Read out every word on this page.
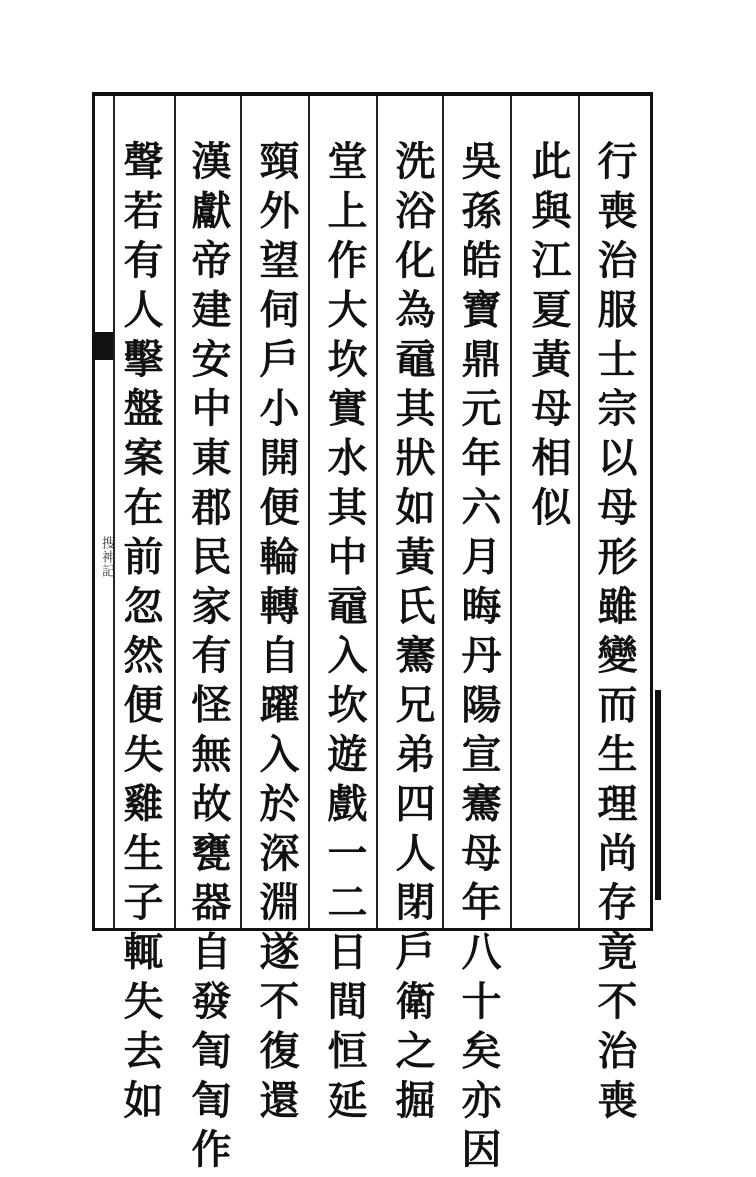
搜神記	行喪治服士宗以母形雖變而生理尚存竟不治喪
此與江夏黃母相似
吳孫皓寶鼎元年六月晦丹陽宣騫母年八十矣亦因
洗浴化為黿其狀如黃氏騫兄弟四人閉戶衛之掘
堂上作大坎實水其中黿入坎遊戲一二日間恒延
頸外望伺戶小開便輪轉自躍入於深淵遂不復還
漢獻帝建安中東郡民家有怪無故甕器自發訇訇作
聲若有人擊盤案在前忽然便失雞生子輒失去如
